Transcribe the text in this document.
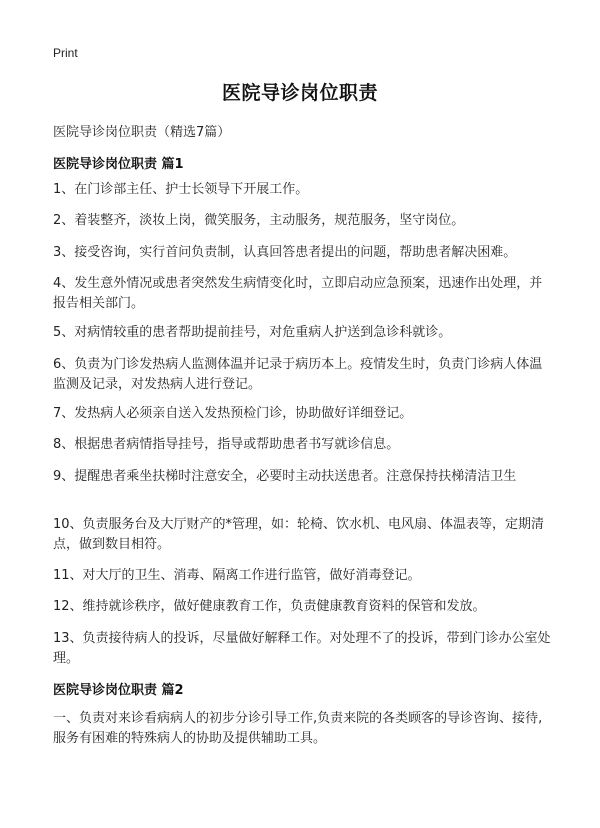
Print
医院导诊岗位职责
医院导诊岗位职责（精选7篇）
医院导诊岗位职责 篇1
1、在门诊部主任、护士长领导下开展工作。
2、着装整齐，淡妆上岗，微笑服务，主动服务，规范服务，坚守岗位。
3、接受咨询，实行首问负责制，认真回答患者提出的问题，帮助患者解决困难。
4、发生意外情况或患者突然发生病情变化时，立即启动应急预案，迅速作出处理，并报告相关部门。
5、对病情较重的患者帮助提前挂号，对危重病人护送到急诊科就诊。
6、负责为门诊发热病人监测体温并记录于病历本上。疫情发生时，负责门诊病人体温监测及记录，对发热病人进行登记。
7、发热病人必须亲自送入发热预检门诊，协助做好详细登记。
8、根据患者病情指导挂号，指导或帮助患者书写就诊信息。
9、提醒患者乘坐扶梯时注意安全，必要时主动扶送患者。注意保持扶梯清洁卫生
10、负责服务台及大厅财产的*管理，如：轮椅、饮水机、电风扇、体温表等，定期清点，做到数目相符。
11、对大厅的卫生、消毒、隔离工作进行监管，做好消毒登记。
12、维持就诊秩序，做好健康教育工作，负责健康教育资料的保管和发放。
13、负责接待病人的投诉，尽量做好解释工作。对处理不了的投诉，带到门诊办公室处理。
医院导诊岗位职责 篇2
一、负责对来诊看病病人的初步分诊引导工作,负责来院的各类顾客的导诊咨询、接待,服务有困难的特殊病人的协助及提供辅助工具。
